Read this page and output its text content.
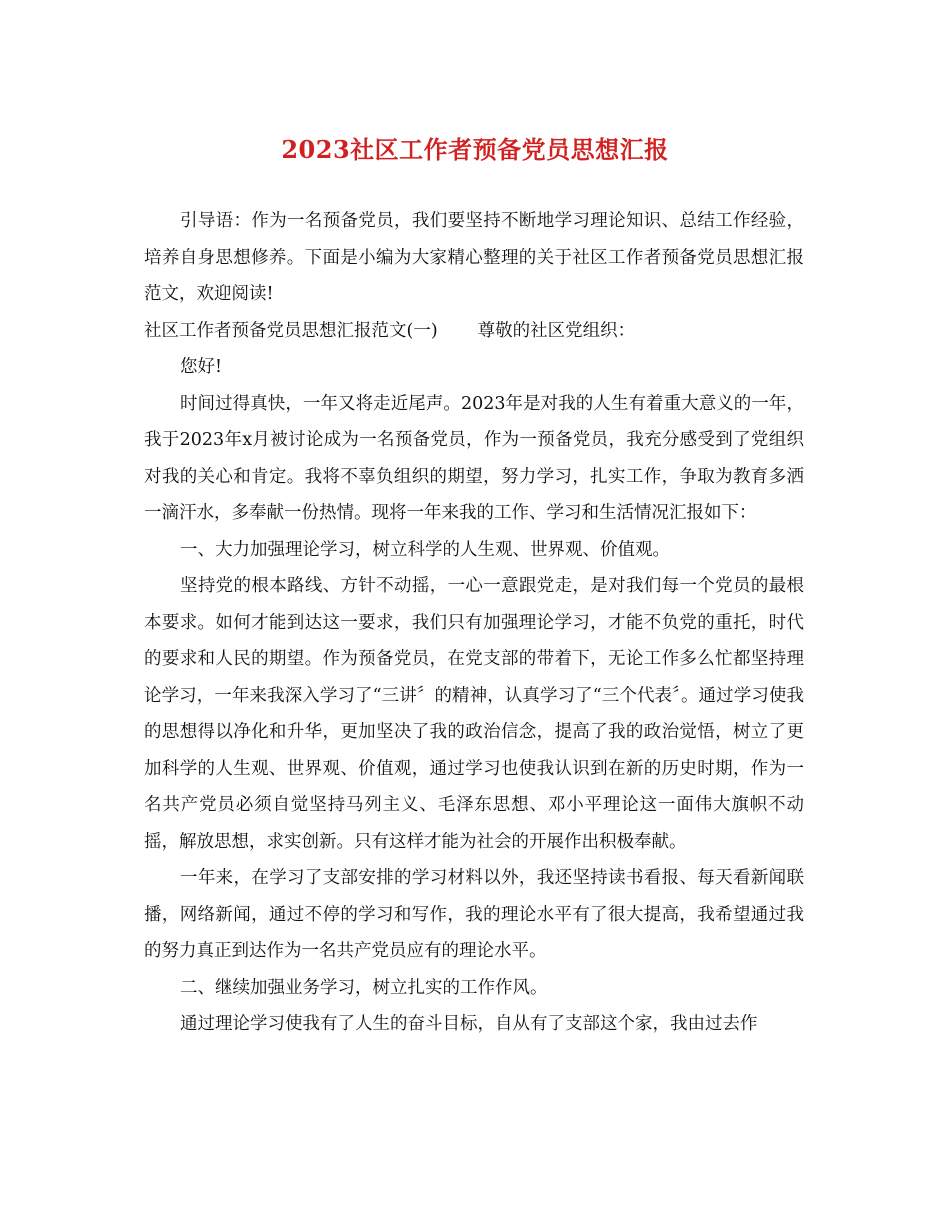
2023社区工作者预备党员思想汇报

引导语：作为一名预备党员，我们要坚持不断地学习理论知识、总结工作经验，培养自身思想修养。下面是小编为大家精心整理的关于社区工作者预备党员思想汇报范文，欢迎阅读!

社区工作者预备党员思想汇报范文(一) 尊敬的社区党组织：

您好!

时间过得真快，一年又将走近尾声。2023年是对我的人生有着重大意义的一年，我于2023年x月被讨论成为一名预备党员，作为一预备党员，我充分感受到了党组织对我的关心和肯定。我将不辜负组织的期望，努力学习，扎实工作，争取为教育多洒一滴汗水，多奉献一份热情。现将一年来我的工作、学习和生活情况汇报如下：

一、大力加强理论学习，树立科学的人生观、世界观、价值观。

坚持党的根本路线、方针不动摇，一心一意跟党走，是对我们每一个党员的最根本要求。如何才能到达这一要求，我们只有加强理论学习，才能不负党的重托，时代的要求和人民的期望。作为预备党员，在党支部的带着下，无论工作多么忙都坚持理论学习，一年来我深入学习了“三讲〞的精神，认真学习了“三个代表〞。通过学习使我的思想得以净化和升华，更加坚决了我的政治信念，提高了我的政治觉悟，树立了更加科学的人生观、世界观、价值观，通过学习也使我认识到在新的历史时期，作为一名共产党员必须自觉坚持马列主义、毛泽东思想、邓小平理论这一面伟大旗帜不动摇，解放思想，求实创新。只有这样才能为社会的开展作出积极奉献。

一年来，在学习了支部安排的学习材料以外，我还坚持读书看报、每天看新闻联播，网络新闻，通过不停的学习和写作，我的理论水平有了很大提高，我希望通过我的努力真正到达作为一名共产党员应有的理论水平。

二、继续加强业务学习，树立扎实的工作作风。

通过理论学习使我有了人生的奋斗目标，自从有了支部这个家，我由过去作
